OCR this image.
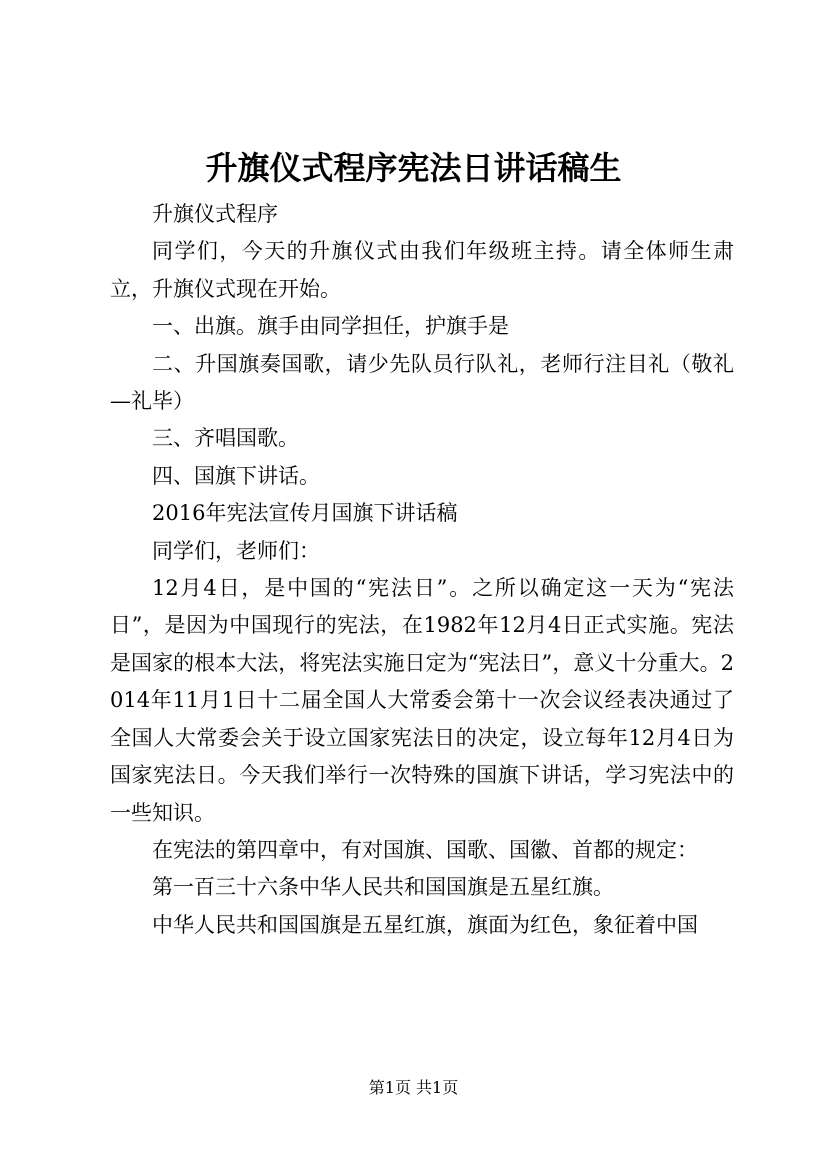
升旗仪式程序宪法日讲话稿生

升旗仪式程序

同学们，今天的升旗仪式由我们年级班主持。请全体师生肃立，升旗仪式现在开始。

一、出旗。旗手由同学担任，护旗手是

二、升国旗奏国歌，请少先队员行队礼，老师行注目礼（敬礼—礼毕）

三、齐唱国歌。

四、国旗下讲话。

2016年宪法宣传月国旗下讲话稿

同学们，老师们：

12月4日，是中国的“宪法日”。之所以确定这一天为“宪法日”，是因为中国现行的宪法，在1982年12月4日正式实施。宪法是国家的根本大法，将宪法实施日定为“宪法日”，意义十分重大。2014年11月1日十二届全国人大常委会第十一次会议经表决通过了全国人大常委会关于设立国家宪法日的决定，设立每年12月4日为国家宪法日。今天我们举行一次特殊的国旗下讲话，学习宪法中的一些知识。

在宪法的第四章中，有对国旗、国歌、国徽、首都的规定：

第一百三十六条中华人民共和国国旗是五星红旗。

中华人民共和国国旗是五星红旗，旗面为红色，象征着中国

第1页 共1页
